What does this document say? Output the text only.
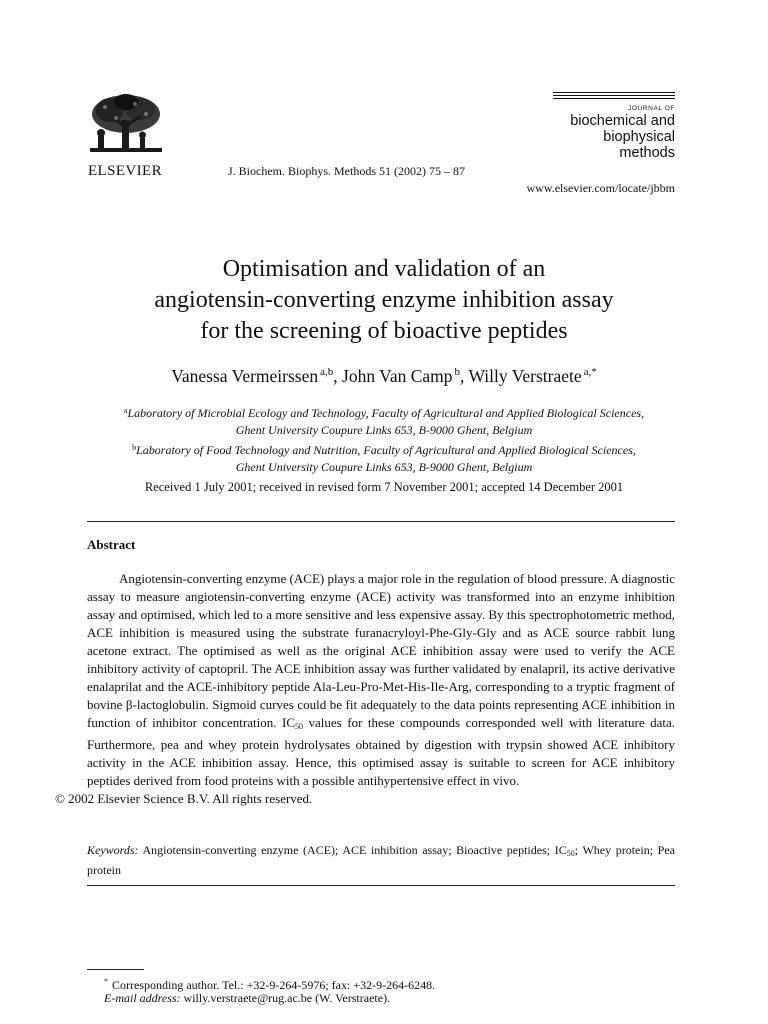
ELSEVIER	J. Biochem. Biophys. Methods 51 (2002) 75 – 87
JOURNAL OF
biochemical and
biophysical
methods
www.elsevier.com/locate/jbbm
Optimisation and validation of an
angiotensin-converting enzyme inhibition assay
for the screening of bioactive peptides
Vanessa Vermeirssen $^{a,b}$, John Van Camp $^b$, Willy Verstraete $^{a,*}$
$^a$Laboratory of Microbial Ecology and Technology, Faculty of Agricultural and Applied Biological Sciences,
Ghent University Coupure Links 653, B-9000 Ghent, Belgium
$^b$Laboratory of Food Technology and Nutrition, Faculty of Agricultural and Applied Biological Sciences,
Ghent University Coupure Links 653, B-9000 Ghent, Belgium
Received 1 July 2001; received in revised form 7 November 2001; accepted 14 December 2001
Abstract
Angiotensin-converting enzyme (ACE) plays a major role in the regulation of blood pressure. A diagnostic assay to measure angiotensin-converting enzyme (ACE) activity was transformed into an enzyme inhibition assay and optimised, which led to a more sensitive and less expensive assay. By this spectrophotometric method, ACE inhibition is measured using the substrate furanacryloyl-Phe-Gly-Gly and as ACE source rabbit lung acetone extract. The optimised as well as the original ACE inhibition assay were used to verify the ACE inhibitory activity of captopril. The ACE inhibition assay was further validated by enalapril, its active derivative enalaprilat and the ACE-inhibitory peptide Ala-Leu-Pro-Met-His-Ile-Arg, corresponding to a tryptic fragment of bovine β-lactoglobulin. Sigmoid curves could be fit adequately to the data points representing ACE inhibition in function of inhibitor concentration. $IC_{50}$ values for these compounds corresponded well with literature data. Furthermore, pea and whey protein hydrolysates obtained by digestion with trypsin showed ACE inhibitory activity in the ACE inhibition assay. Hence, this optimised assay is suitable to screen for ACE inhibitory peptides derived from food proteins with a possible antihypertensive effect in vivo.
© 2002 Elsevier Science B.V. All rights reserved.
Keywords: Angiotensin-converting enzyme (ACE); ACE inhibition assay; Bioactive peptides; $IC_{50}$; Whey protein; Pea protein
* Corresponding author. Tel.: +32-9-264-5976; fax: +32-9-264-6248.
E-mail address: willy.verstraete@rug.ac.be (W. Verstraete).
